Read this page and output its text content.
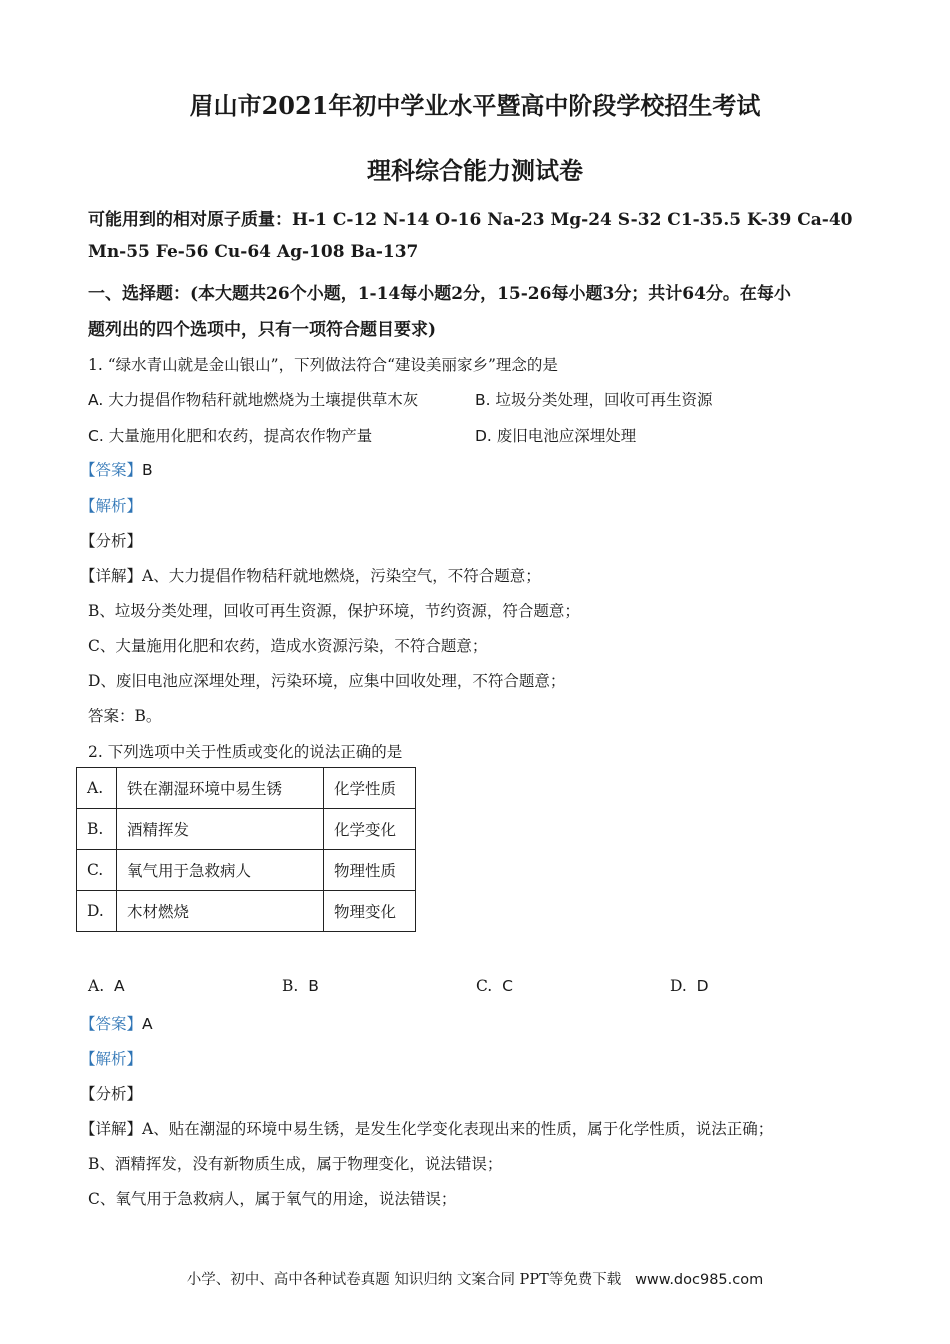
眉山市2021年初中学业水平暨高中阶段学校招生考试
理科综合能力测试卷
可能用到的相对原子质量：H-1 C-12 N-14 O-16 Na-23 Mg-24 S-32 C1-35.5 K-39 Ca-40
Mn-55 Fe-56 Cu-64 Ag-108 Ba-137
一、选择题：(本大题共26个小题，1-14每小题2分，15-26每小题3分；共计64分。在每小
题列出的四个选项中，只有一项符合题目要求)
1. “绿水青山就是金山银山”，下列做法符合“建设美丽家乡”理念的是
A. 大力提倡作物秸秆就地燃烧为土壤提供草木灰	B. 垃圾分类处理，回收可再生资源
C. 大量施用化肥和农药，提高农作物产量	D. 废旧电池应深埋处理
【答案】B
【解析】
【分析】
【详解】A、大力提倡作物秸秆就地燃烧，污染空气，不符合题意；
B、垃圾分类处理，回收可再生资源，保护环境，节约资源，符合题意；
C、大量施用化肥和农药，造成水资源污染，不符合题意；
D、废旧电池应深埋处理，污染环境，应集中回收处理，不符合题意；
答案：B。
2. 下列选项中关于性质或变化的说法正确的是
A.	铁在潮湿环境中易生锈	化学性质
B.	酒精挥发	化学变化
C.	氧气用于急救病人	物理性质
D.	木材燃烧	物理变化
A. A	B. B	C. C	D. D
【答案】A
【解析】
【分析】
【详解】A、贴在潮湿的环境中易生锈，是发生化学变化表现出来的性质，属于化学性质，说法正确；
B、酒精挥发，没有新物质生成，属于物理变化，说法错误；
C、氧气用于急救病人，属于氧气的用途，说法错误；
小学、初中、高中各种试卷真题 知识归纳 文案合同 PPT等免费下载 www.doc985.com
